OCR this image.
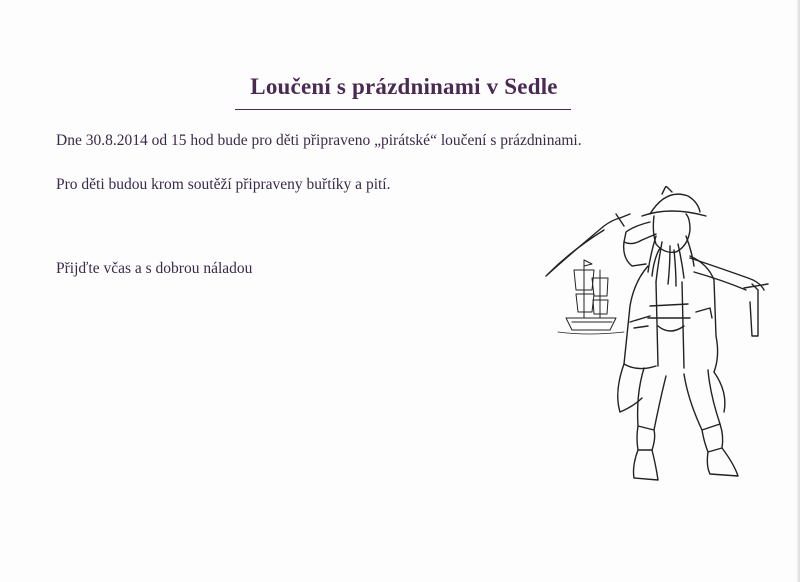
Loučení s prázdninami v Sedle
Dne 30.8.2014 od 15 hod bude pro děti připraveno „pirátské“ loučení s prázdninami.
Pro děti budou krom soutěží připraveny buřtíky a pití.
Přijďte včas a s dobrou náladou
